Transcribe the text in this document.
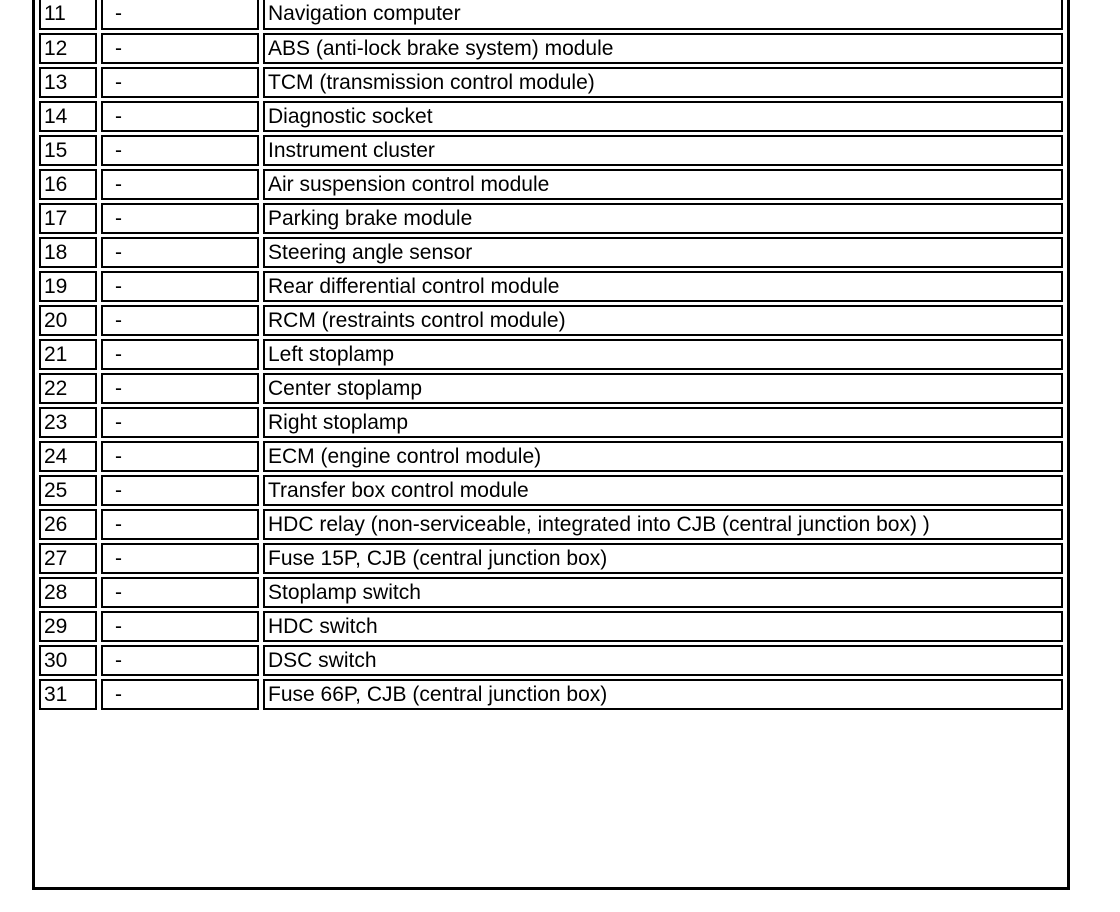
11	-	Navigation computer
12	-	ABS (anti-lock brake system) module
13	-	TCM (transmission control module)
14	-	Diagnostic socket
15	-	Instrument cluster
16	-	Air suspension control module
17	-	Parking brake module
18	-	Steering angle sensor
19	-	Rear differential control module
20	-	RCM (restraints control module)
21	-	Left stoplamp
22	-	Center stoplamp
23	-	Right stoplamp
24	-	ECM (engine control module)
25	-	Transfer box control module
26	-	HDC relay (non-serviceable, integrated into CJB (central junction box) )
27	-	Fuse 15P, CJB (central junction box)
28	-	Stoplamp switch
29	-	HDC switch
30	-	DSC switch
31	-	Fuse 66P, CJB (central junction box)
